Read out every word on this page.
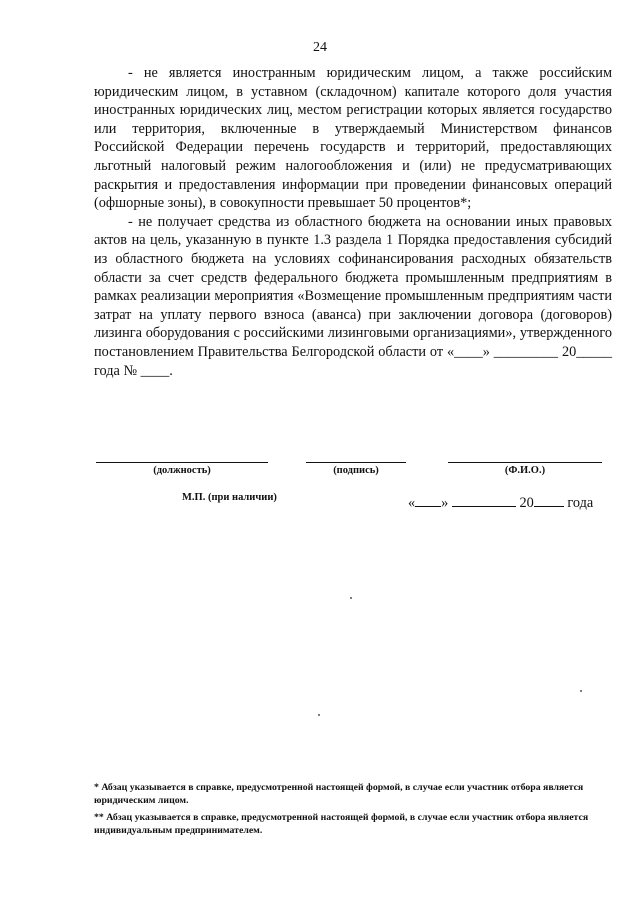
24

- не является иностранным юридическим лицом, а также российским юридическим лицом, в уставном (складочном) капитале которого доля участия иностранных юридических лиц, местом регистрации которых является государство или территория, включенные в утверждаемый Министерством финансов Российской Федерации перечень государств и территорий, предоставляющих льготный налоговый режим налогообложения и (или) не предусматривающих раскрытия и предоставления информации при проведении финансовых операций (офшорные зоны), в совокупности превышает 50 процентов*;

- не получает средства из областного бюджета на основании иных правовых актов на цель, указанную в пункте 1.3 раздела 1 Порядка предоставления субсидий из областного бюджета на условиях софинансирования расходных обязательств области за счет средств федерального бюджета промышленным предприятиям в рамках реализации мероприятия «Возмещение промышленным предприятиям части затрат на уплату первого взноса (аванса) при заключении договора (договоров) лизинга оборудования с российскими лизинговыми организациями», утвержденного постановлением Правительства Белгородской области от «____» _________ 20_____ года № ____.

(должность)	(подпись)	(Ф.И.О.)
М.П. (при наличии)	« »	20 года

* Абзац указывается в справке, предусмотренной настоящей формой, в случае если участник отбора является юридическим лицом.

** Абзац указывается в справке, предусмотренной настоящей формой, в случае если участник отбора является индивидуальным предпринимателем.
